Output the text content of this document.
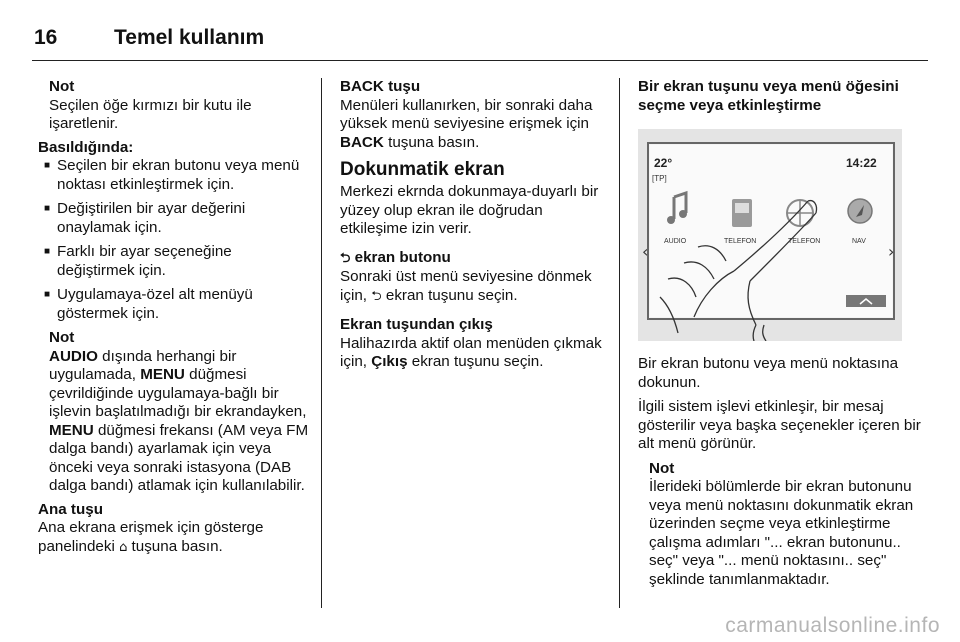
16	Temel kullanım
Not
Seçilen öğe kırmızı bir kutu ile işaretlenir.
Basıldığında:
■ Seçilen bir ekran butonu veya menü noktası etkinleştirmek için.
■ Değiştirilen bir ayar değerini onaylamak için.
■ Farklı bir ayar seçeneğine değiştirmek için.
■ Uygulamaya-özel alt menüyü göstermek için.
Not
AUDIO dışında herhangi bir uygulamada, MENU düğmesi çevrildiğinde uygulamaya-bağlı bir işlevin başlatılmadığı bir ekrandayken, MENU düğmesi frekansı (AM veya FM dalga bandı) ayarlamak için veya önceki veya sonraki istasyona (DAB dalga bandı) atlamak için kullanılabilir.
Ana tuşu
Ana ekrana erişmek için gösterge panelindeki ⌂ tuşuna basın.
BACK tuşu
Menüleri kullanırken, bir sonraki daha yüksek menü seviyesine erişmek için BACK tuşuna basın.
Dokunmatik ekran
Merkezi ekrnda dokunmaya-duyarlı bir yüzey olup ekran ile doğrudan etkileşime izin verir.
⮌ ekran butonu
Sonraki üst menü seviyesine dönmek için, ⮌ ekran tuşunu seçin.
Ekran tuşundan çıkış
Halihazırda aktif olan menüden çıkmak için, Çıkış ekran tuşunu seçin.
Bir ekran tuşunu veya menü öğesini seçme veya etkinleştirme
22°
[TP]
14:22
AUDIO	TELEFON	TELEFON	NAV
‹	›
Bir ekran butonu veya menü noktasına dokunun.
İlgili sistem işlevi etkinleşir, bir mesaj gösterilir veya başka seçenekler içeren bir alt menü görünür.
Not
İlerideki bölümlerde bir ekran butonunu veya menü noktasını dokunmatik ekran üzerinden seçme veya etkinleştirme çalışma adımları "... ekran butonunu.. seç" veya "... menü noktasını.. seç" şeklinde tanımlanmaktadır.
carmanualsonline.info
